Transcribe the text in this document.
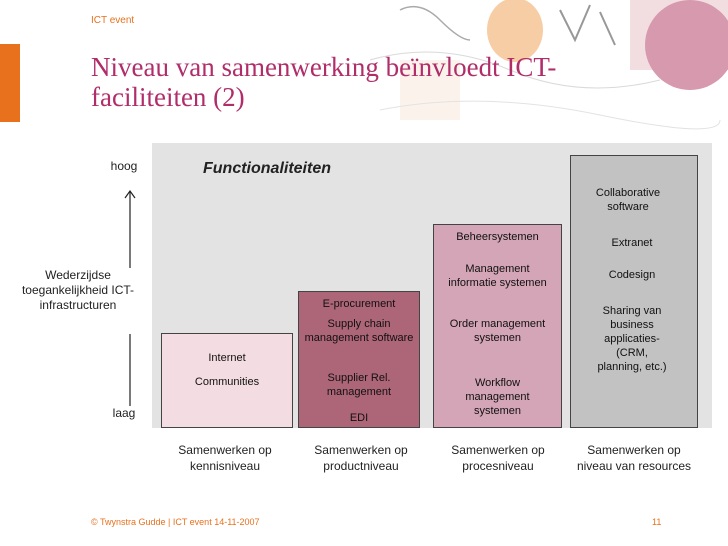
ICT event
Niveau van samenwerking beïnvloedt ICT-faciliteiten (2)
Functionaliteiten
hoog
Wederzijdse
toegankelijkheid ICT-
infrastructuren
laag
Internet
Communities
E-procurement
Supply chain
management software
Supplier Rel.
management
EDI
Beheersystemen
Management
informatie systemen
Order management
systemen
Workflow
management
systemen
Collaborative
software
Extranet
Codesign
Sharing van
business
applicaties-
(CRM,
planning, etc.)
Samenwerken op
kennisniveau
Samenwerken op
productniveau
Samenwerken op
procesniveau
Samenwerken op
niveau van resources
© Twynstra Gudde | ICT event 14-11-2007	11
